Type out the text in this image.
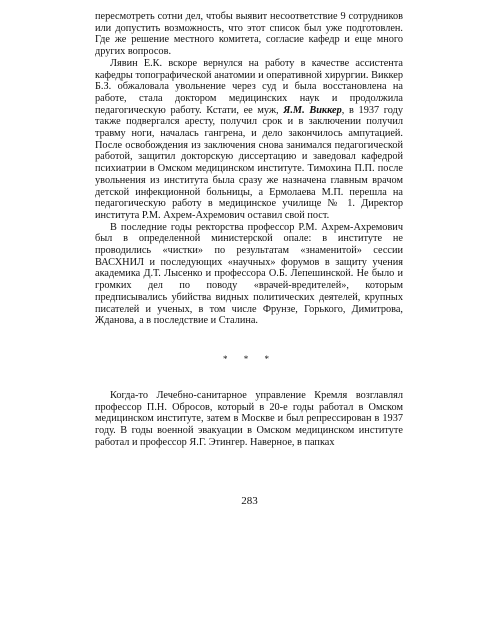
пересмотреть сотни дел, чтобы выявит несоответствие 9 сотрудников или допустить возможность, что этот список был уже подготовлен. Где же решение местного комитета, согласие кафедр и еще много других вопросов.

Лявин Е.К. вскоре вернулся на работу в качестве ассистента кафедры топографической анатомии и оперативной хирургии. Виккер Б.З. обжаловала увольнение через суд и была восстановлена на работе, стала доктором медицинских наук и продолжила педагогическую работу. Кстати, ее муж, Я.М. Виккер, в 1937 году также подвергался аресту, получил срок и в заключении получил травму ноги, началась гангрена, и дело закончилось ампутацией. После освобождения из заключения снова занимался педагогической работой, защитил докторскую диссертацию и заведовал кафедрой психиатрии в Омском медицинском институте. Тимохина П.П. после увольнения из института была сразу же назначена главным врачом детской инфекционной больницы, а Ермолаева М.П. перешла на педагогическую работу в медицинское училище № 1. Директор института Р.М. Ахрем-Ахремович оставил свой пост.

В последние годы ректорства профессор Р.М. Ахрем-Ахремович был в определенной министерской опале: в институте не проводились «чистки» по результатам «знаменитой» сессии ВАСХНИЛ и последующих «научных» форумов в защиту учения академика Д.Т. Лысенко и профессора О.Б. Лепешинской. Не было и громких дел по поводу «врачей-вредителей», которым предписывались убийства видных политических деятелей, крупных писателей и ученых, в том числе Фрунзе, Горького, Димитрова, Жданова, а в последствие и Сталина.

* * *

Когда-то Лечебно-санитарное управление Кремля возглавлял профессор П.Н. Обросов, который в 20-е годы работал в Омском медицинском институте, затем в Москве и был репрессирован в 1937 году. В годы военной эвакуации в Омском медицинском институте работал и профессор Я.Г. Этингер. Наверное, в папках

283
